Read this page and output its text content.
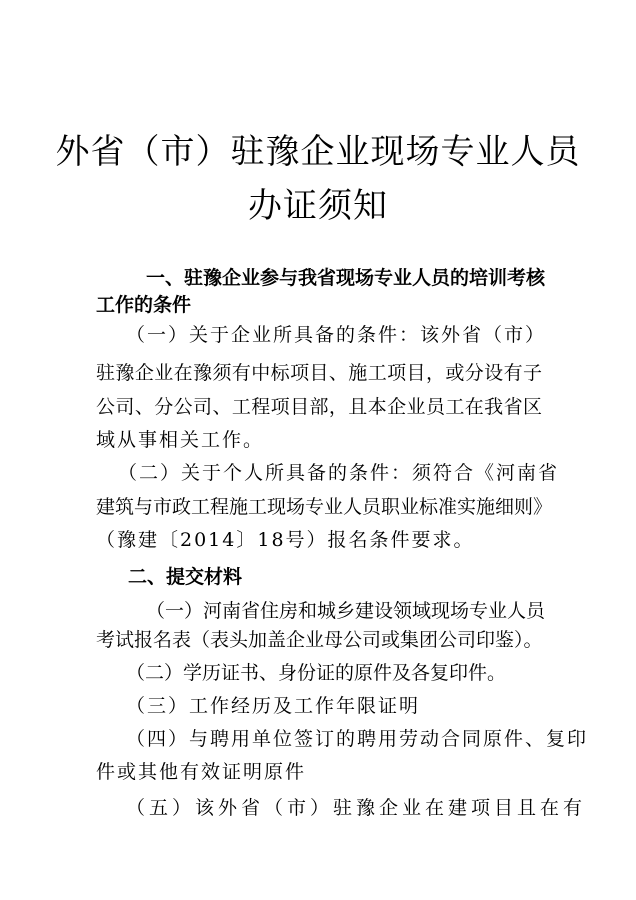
外省（市）驻豫企业现场专业人员
办证须知
一、驻豫企业参与我省现场专业人员的培训考核
工作的条件
（一）关于企业所具备的条件：该外省（市）
驻豫企业在豫须有中标项目、施工项目，或分设有子
公司、分公司、工程项目部，且本企业员工在我省区
域从事相关工作。
（二）关于个人所具备的条件：须符合《河南省
建筑与市政工程施工现场专业人员职业标准实施细则》
（豫建〔2014〕18号）报名条件要求。
二、提交材料
（一）河南省住房和城乡建设领域现场专业人员
考试报名表（表头加盖企业母公司或集团公司印鉴）。
（二）学历证书、身份证的原件及各复印件。
（三）工作经历及工作年限证明
（四）与聘用单位签订的聘用劳动合同原件、复印
件或其他有效证明原件
（五）该外省（市）驻豫企业在建项目且在有
